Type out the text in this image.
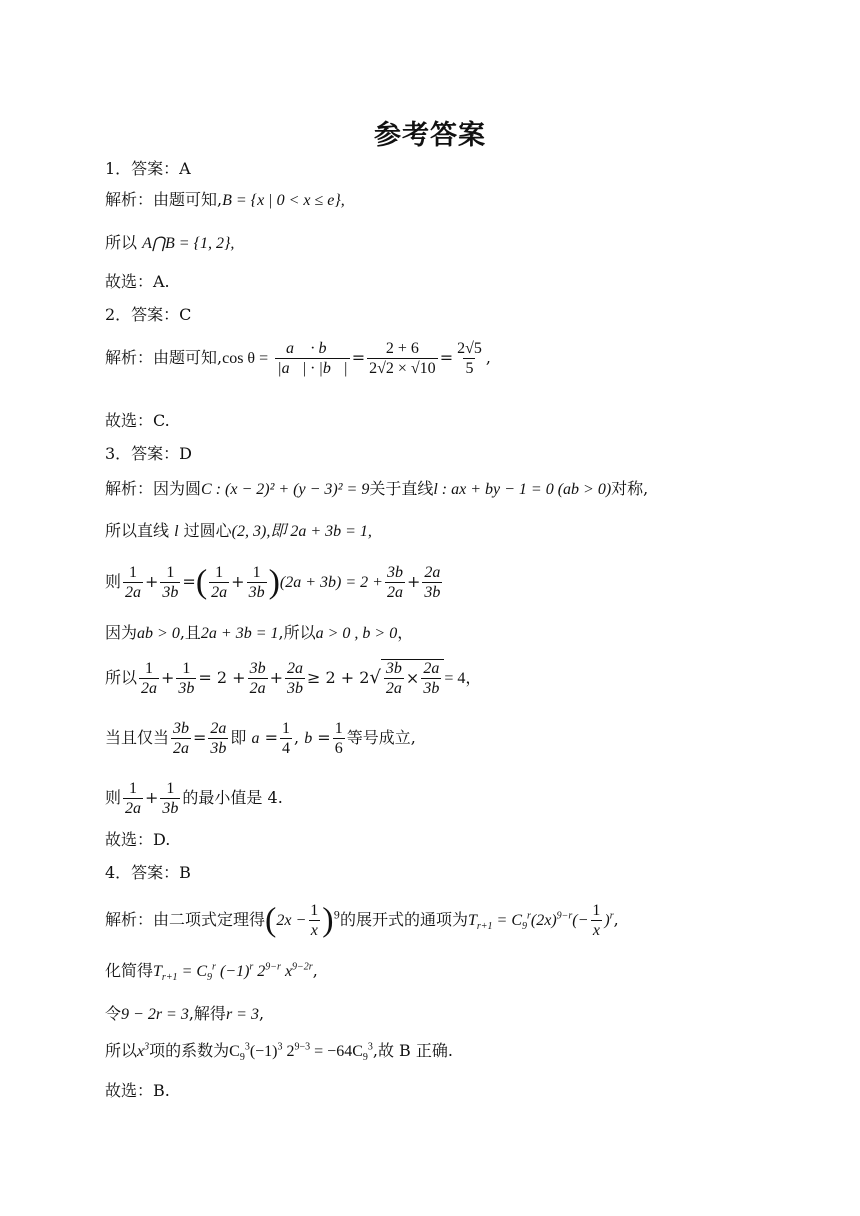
参考答案
1．答案：A
解析：由题可知,B = {x | 0 < x ≤ e},
所以 A⋂B = {1, 2},
故选：A.
2．答案：C
解析：由题可知,cos $\theta = \frac{a⃗ \cdot b⃗}{|a⃗| \cdot |b⃗|} = \frac{2 + 6}{2√2 \times √10} = \frac{2√5}{5}$ ,
故选：C.
3．答案：D
解析：因为圆C : (x − 2)² + (y − 3)² = 9关于直线l : ax + by − 1 = 0 (ab > 0)对称,
所以直线 l 过圆心(2, 3),即 2a + 3b = 1,
则 $\frac{1}{2a} + \frac{1}{3b}$ =( $\frac{1}{2a} + \frac{1}{3b} )(2a + 3b) = 2 + \frac{3b}{2a} + \frac{2a}{3b}$
因为ab > 0,且2a + 3b = 1,所以a > 0 , b > 0，
所以 $\frac{1}{2a} + \frac{1}{3b} = 2 + \frac{3b}{2a} + \frac{2a}{3b} \ge 2 + 2√ \frac{3b}{2a} \times \frac{2a}{3b} = 4$，
当且仅当 $\frac{3b}{2a} = \frac{2a}{3b}$ 即 $a = \frac{1}{4}$ , $b = \frac{1}{6}$ 等号成立,
则 $\frac{1}{2a} + \frac{1}{3b}$ 的最小值是 4.
故选：D.
4．答案：B
解析：由二项式定理得$(2x - \frac{1}{x} )^9$的展开式的通项为$T_{r+1} = C_9^r(2x)^{9-r}(- \frac{1}{x} )^r$,
化简得$T_{r+1} = C_9^r$ $(-1)^r$ $2^{9-r}$ $x^{9-2r}$,
令9 − 2r = 3,解得r = 3,
所以$x^3$项的系数为$C_9^3(-1)^3$ $2^{9-3} = -64C_9^3$,故 B 正确.
故选：B.
